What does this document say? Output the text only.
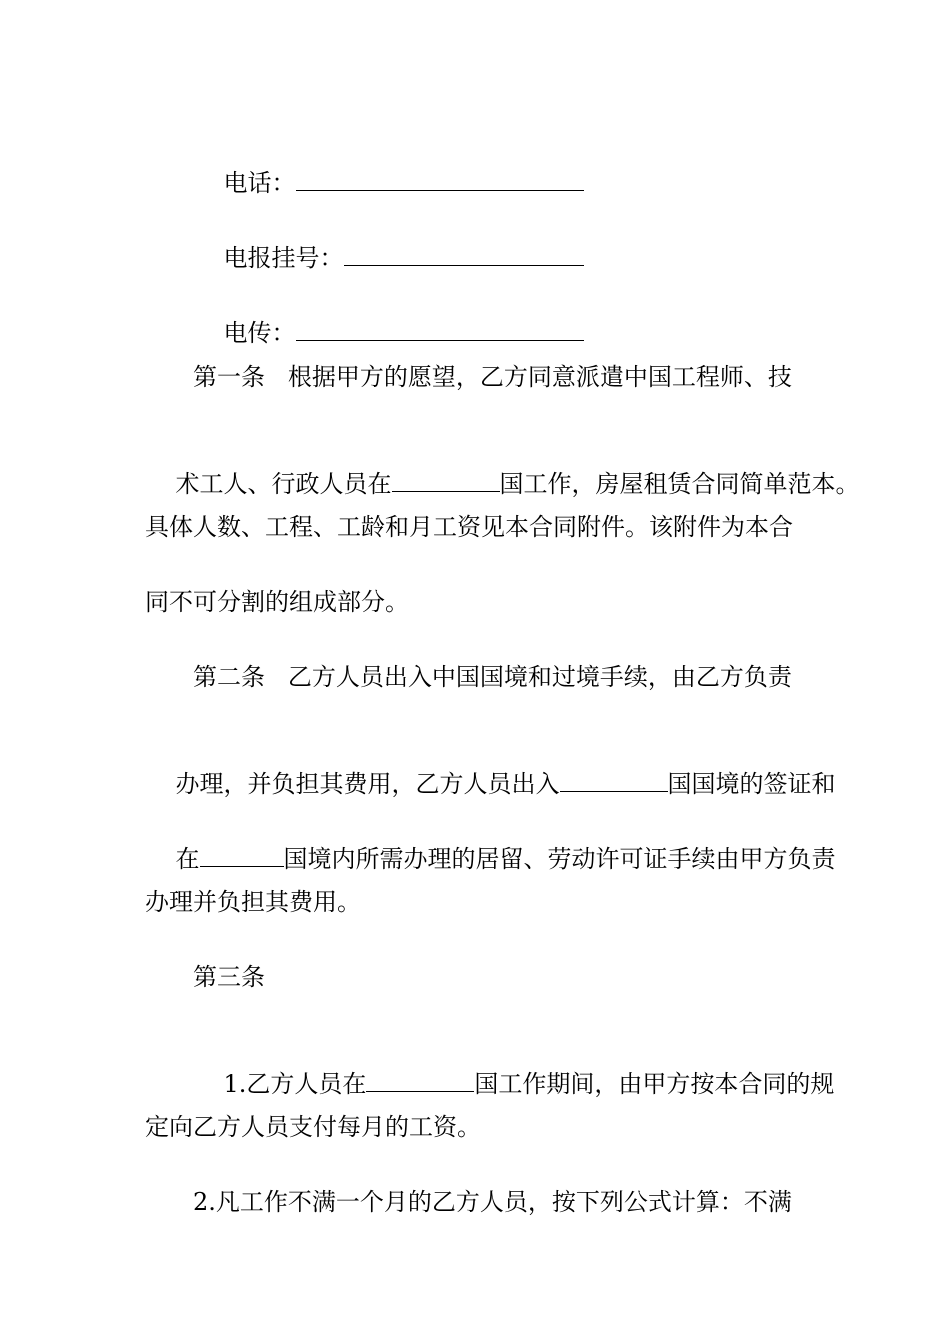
电话：

电报挂号：

电传：

第一条   根据甲方的愿望，乙方同意派遣中国工程师、技

术工人、行政人员在	国工作，房屋租赁合同简单范本。

具体人数、工程、工龄和月工资见本合同附件。该附件为本合
同不可分割的组成部分。
第二条   乙方人员出入中国国境和过境手续，由乙方负责

办理，并负担其费用，乙方人员出入	国国境的签证和

在	国境内所需办理的居留、劳动许可证手续由甲方负责

办理并负担其费用。
第三条

1.乙方人员在	国工作期间，由甲方按本合同的规

定向乙方人员支付每月的工资。
2.凡工作不满一个月的乙方人员，按下列公式计算：不满
